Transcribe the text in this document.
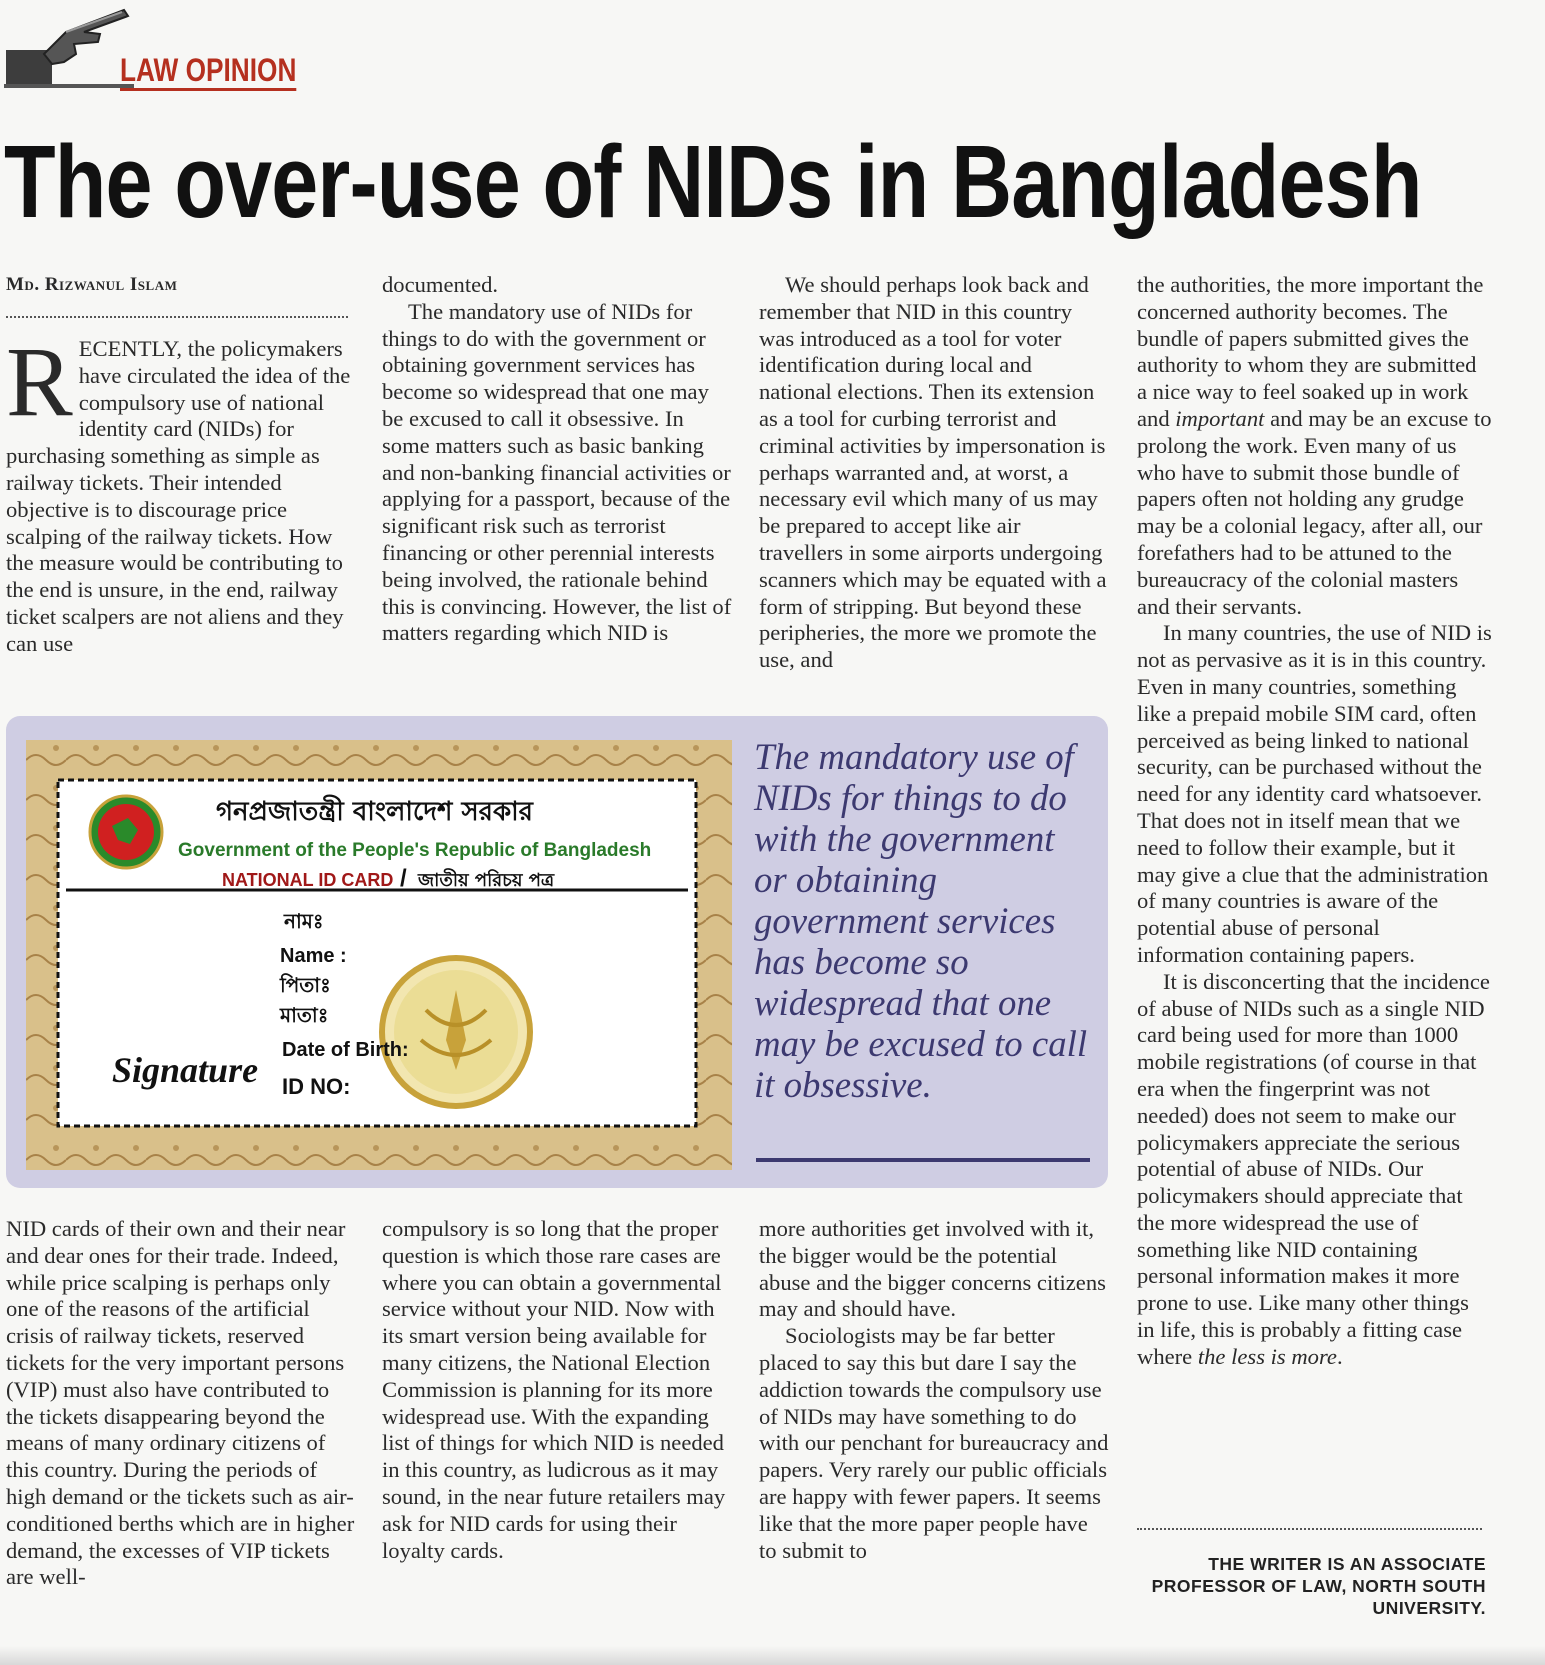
LAW OPINION
The over-use of NIDs in Bangladesh
Md. Rizwanul Islam

RECENTLY, the policymakers have circulated the idea of the compulsory use of national identity card (NIDs) for purchasing something as simple as railway tickets. Their intended objective is to discourage price scalping of the railway tickets. How the measure would be contributing to the end is unsure, in the end, railway ticket scalpers are not aliens and they can use

documented.

The mandatory use of NIDs for things to do with the government or obtaining government services has become so widespread that one may be excused to call it obsessive. In some matters such as basic banking and non-banking financial activities or applying for a passport, because of the significant risk such as terrorist financing or other perennial interests being involved, the rationale behind this is convincing. However, the list of matters regarding which NID is

We should perhaps look back and remember that NID in this country was introduced as a tool for voter identification during local and national elections. Then its extension as a tool for curbing terrorist and criminal activities by impersonation is perhaps warranted and, at worst, a necessary evil which many of us may be prepared to accept like air travellers in some airports undergoing scanners which may be equated with a form of stripping. But beyond these peripheries, the more we promote the use, and

the authorities, the more important the concerned authority becomes. The bundle of papers submitted gives the authority to whom they are submitted a nice way to feel soaked up in work and important and may be an excuse to prolong the work. Even many of us who have to submit those bundle of papers often not holding any grudge may be a colonial legacy, after all, our forefathers had to be attuned to the bureaucracy of the colonial masters and their servants.

In many countries, the use of NID is not as pervasive as it is in this country. Even in many countries, something like a prepaid mobile SIM card, often perceived as being linked to national security, can be purchased without the need for any identity card whatsoever. That does not in itself mean that we need to follow their example, but it may give a clue that the administration of many countries is aware of the potential abuse of personal information containing papers.

It is disconcerting that the incidence of abuse of NIDs such as a single NID card being used for more than 1000 mobile registrations (of course in that era when the fingerprint was not needed) does not seem to make our policymakers appreciate the serious potential of abuse of NIDs. Our policymakers should appreciate that the more widespread the use of something like NID containing personal information makes it more prone to use. Like many other things in life, this is probably a fitting case where the less is more.

THE WRITER IS AN ASSOCIATE PROFESSOR OF LAW, NORTH SOUTH UNIVERSITY.
গনপ্রজাতন্ত্রী বাংলাদেশ সরকার
Government of the People's Republic of Bangladesh
NATIONAL ID CARD / জাতীয় পরিচয় পত্র
নামঃ
Name :
পিতাঃ
মাতাঃ
Date of Birth:
ID NO:
Signature
The mandatory use of NIDs for things to do with the government or obtaining government services has become so widespread that one may be excused to call it obsessive.

NID cards of their own and their near and dear ones for their trade. Indeed, while price scalping is perhaps only one of the reasons of the artificial crisis of railway tickets, reserved tickets for the very important persons (VIP) must also have contributed to the tickets disappearing beyond the means of many ordinary citizens of this country. During the periods of high demand or the tickets such as air-conditioned berths which are in higher demand, the excesses of VIP tickets are well-

compulsory is so long that the proper question is which those rare cases are where you can obtain a governmental service without your NID. Now with its smart version being available for many citizens, the National Election Commission is planning for its more widespread use. With the expanding list of things for which NID is needed in this country, as ludicrous as it may sound, in the near future retailers may ask for NID cards for using their loyalty cards.

more authorities get involved with it, the bigger would be the potential abuse and the bigger concerns citizens may and should have.

Sociologists may be far better placed to say this but dare I say the addiction towards the compulsory use of NIDs may have something to do with our penchant for bureaucracy and papers. Very rarely our public officials are happy with fewer papers. It seems like that the more paper people have to submit to
